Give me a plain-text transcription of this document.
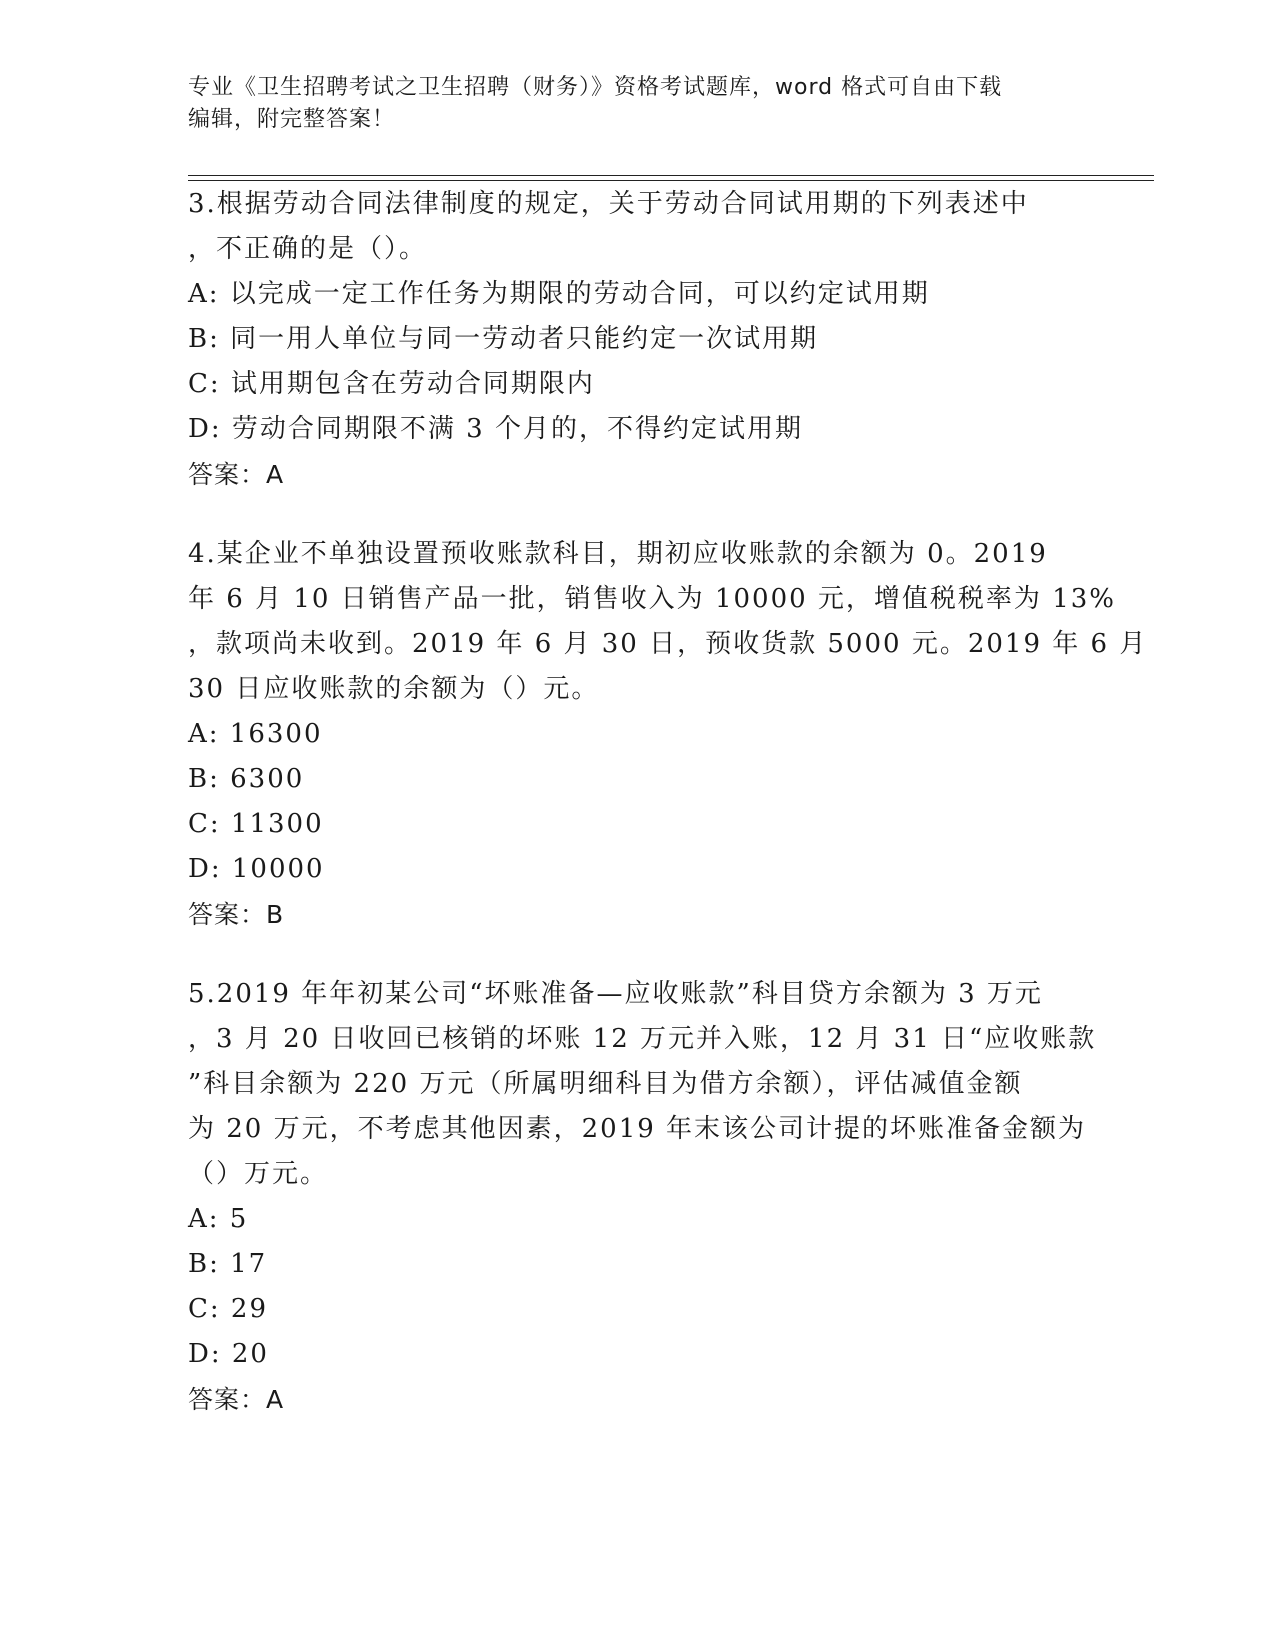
专业《卫生招聘考试之卫生招聘（财务）》资格考试题库，word 格式可自由下载
编辑，附完整答案！

3.根据劳动合同法律制度的规定，关于劳动合同试用期的下列表述中
，不正确的是（）。

A: 以完成一定工作任务为期限的劳动合同，可以约定试用期

B: 同一用人单位与同一劳动者只能约定一次试用期

C: 试用期包含在劳动合同期限内

D: 劳动合同期限不满 3 个月的，不得约定试用期

答案：A

4.某企业不单独设置预收账款科目，期初应收账款的余额为 0。2019
年 6 月 10 日销售产品一批，销售收入为 10000 元，增值税税率为 13%
，款项尚未收到。2019 年 6 月 30 日，预收货款 5000 元。2019 年 6 月
30 日应收账款的余额为（）元。

A: 16300

B: 6300

C: 11300

D: 10000

答案：B

5.2019 年年初某公司“坏账准备—应收账款”科目贷方余额为 3 万元
，3 月 20 日收回已核销的坏账 12 万元并入账，12 月 31 日“应收账款
”科目余额为 220 万元（所属明细科目为借方余额），评估减值金额
为 20 万元，不考虑其他因素，2019 年末该公司计提的坏账准备金额为
（）万元。

A: 5

B: 17

C: 29

D: 20

答案：A
